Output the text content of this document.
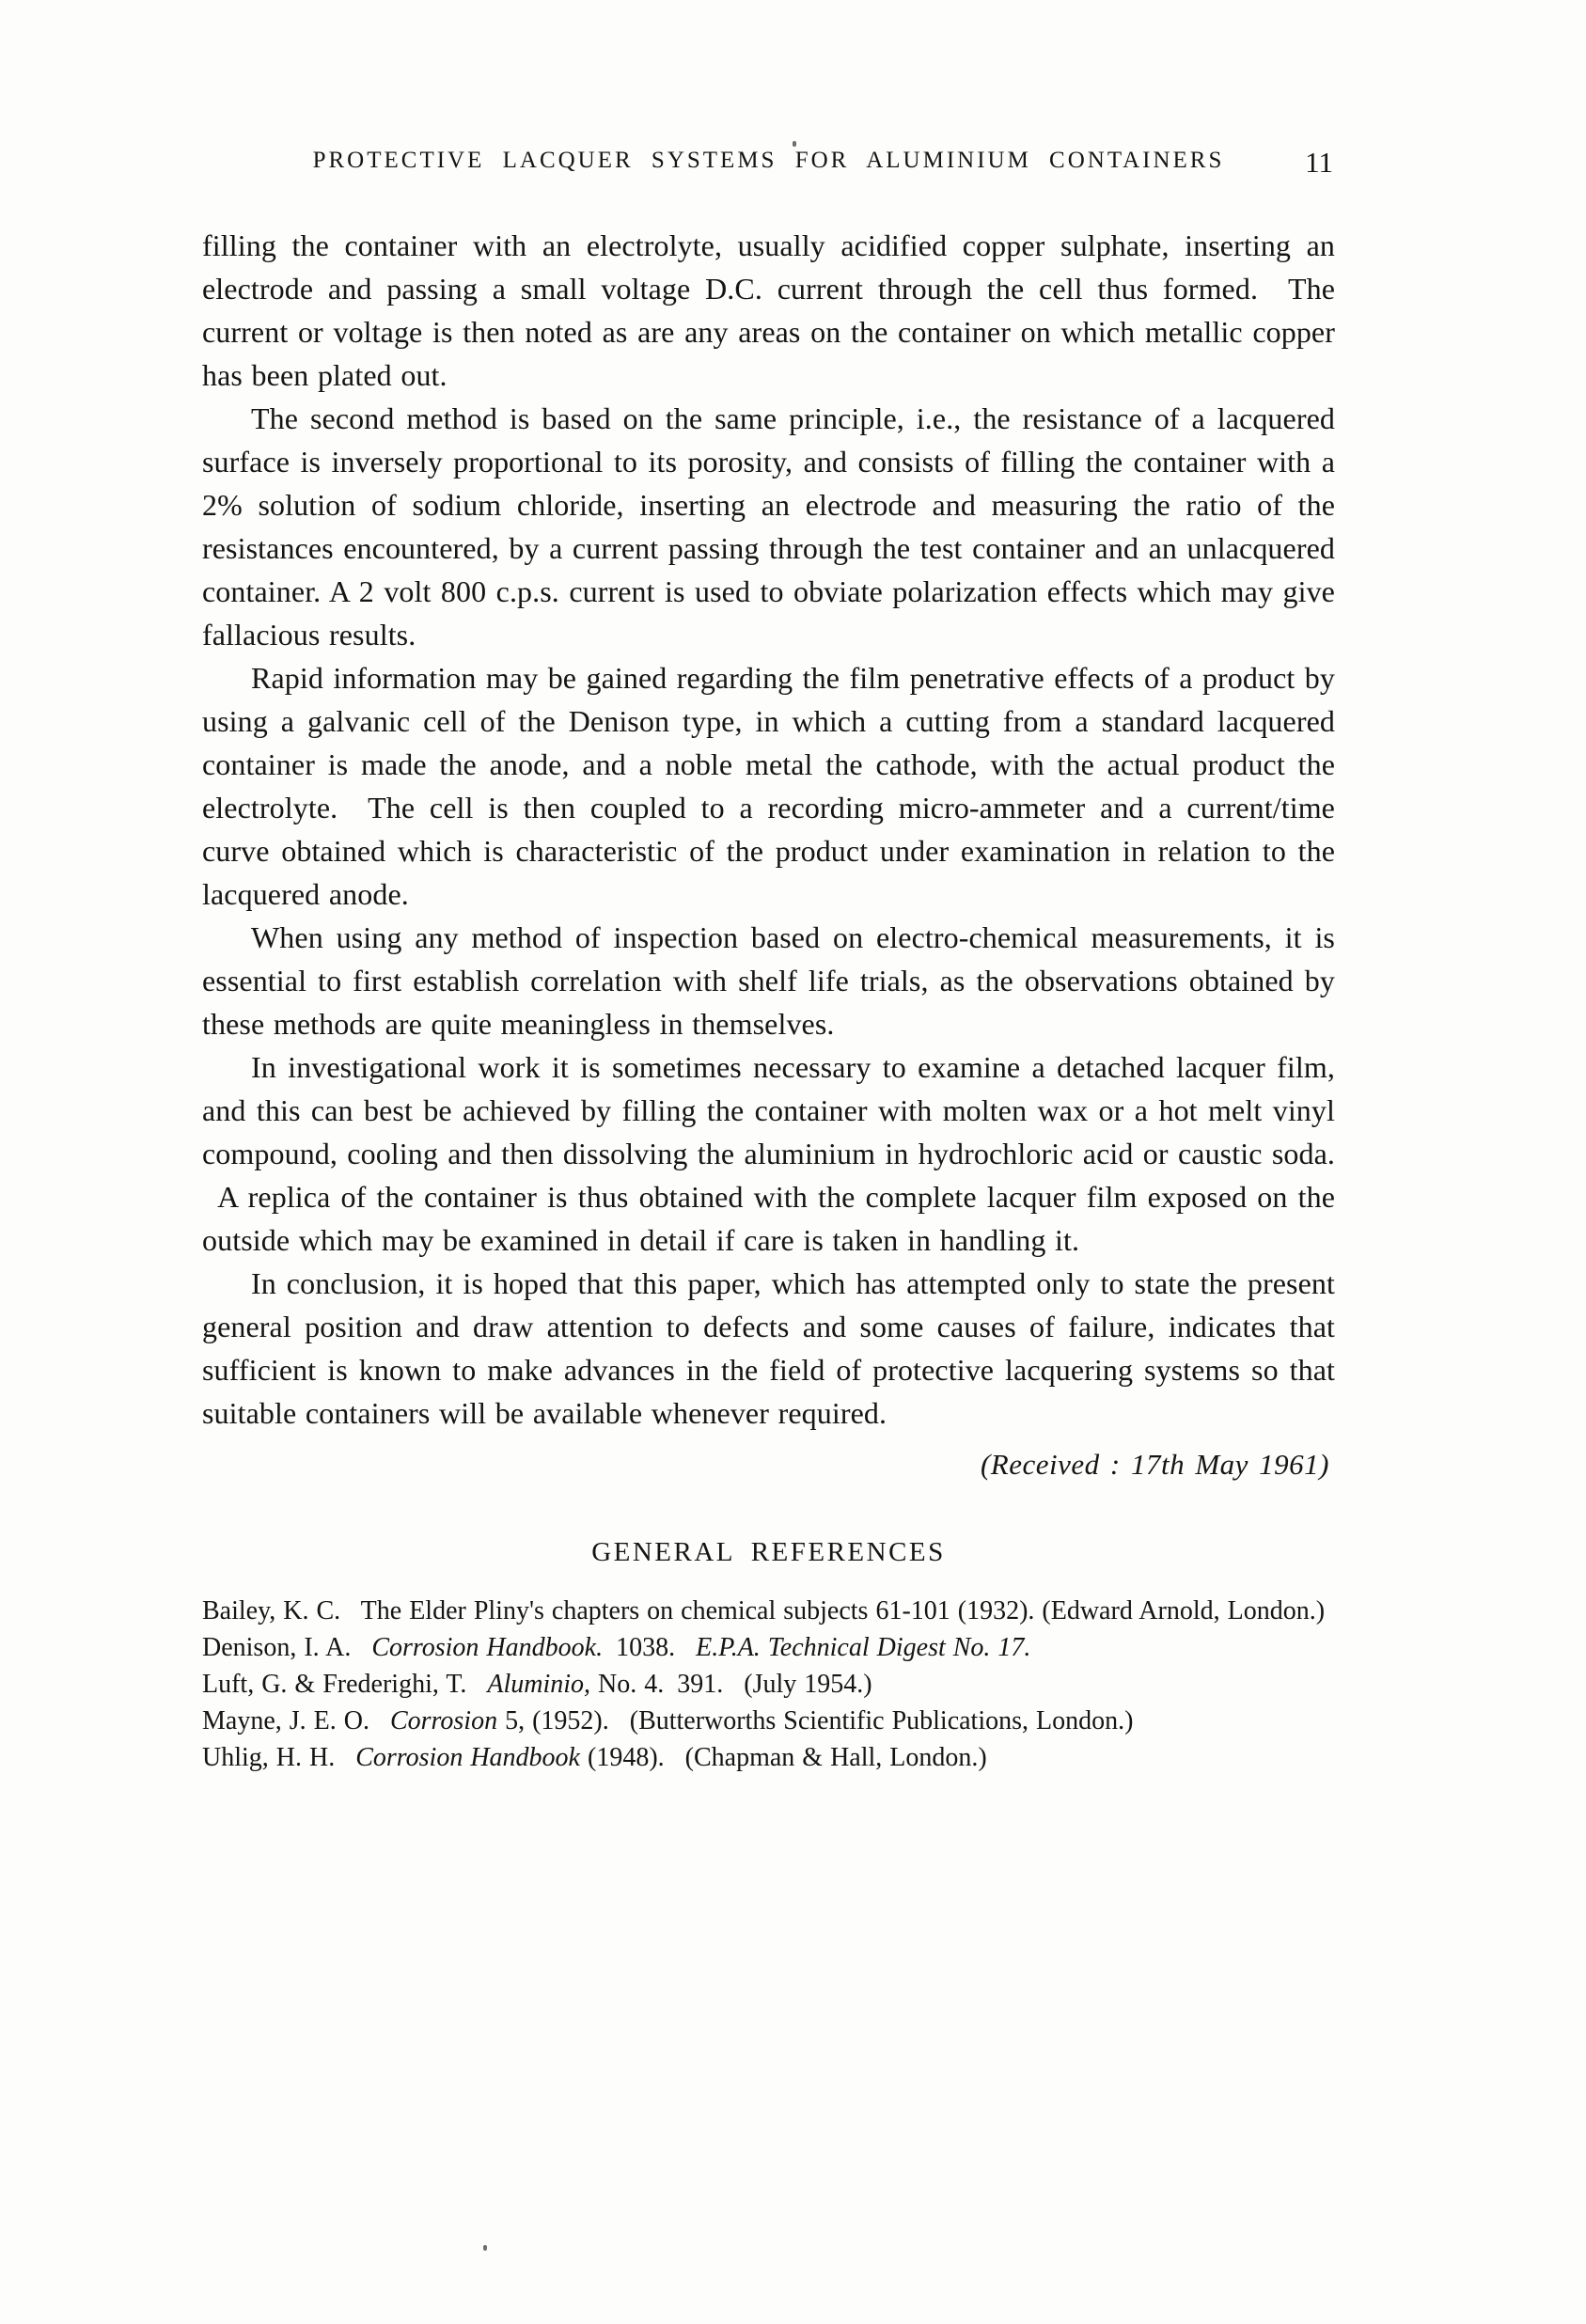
PROTECTIVE LACQUER SYSTEMS FOR ALUMINIUM CONTAINERS	11

filling the container with an electrolyte, usually acidified copper sulphate, inserting an electrode and passing a small voltage D.C. current through the cell thus formed.  The current or voltage is then noted as are any areas on the container on which metallic copper has been plated out.

The second method is based on the same principle, i.e., the resistance of a lacquered surface is inversely proportional to its porosity, and consists of filling the container with a 2% solution of sodium chloride, inserting an electrode and measuring the ratio of the resistances encountered, by a current passing through the test container and an unlacquered container. A 2 volt 800 c.p.s. current is used to obviate polarization effects which may give fallacious results.

Rapid information may be gained regarding the film penetrative effects of a product by using a galvanic cell of the Denison type, in which a cutting from a standard lacquered container is made the anode, and a noble metal the cathode, with the actual product the electrolyte.  The cell is then coupled to a recording micro-ammeter and a current/time curve obtained which is characteristic of the product under examination in relation to the lacquered anode.

When using any method of inspection based on electro-chemical measurements, it is essential to first establish correlation with shelf life trials, as the observations obtained by these methods are quite meaningless in themselves.

In investigational work it is sometimes necessary to examine a detached lacquer film, and this can best be achieved by filling the container with molten wax or a hot melt vinyl compound, cooling and then dissolving the aluminium in hydrochloric acid or caustic soda.  A replica of the container is thus obtained with the complete lacquer film exposed on the outside which may be examined in detail if care is taken in handling it.

In conclusion, it is hoped that this paper, which has attempted only to state the present general position and draw attention to defects and some causes of failure, indicates that sufficient is known to make advances in the field of protective lacquering systems so that suitable containers will be available whenever required.

(Received : 17th May 1961)
GENERAL REFERENCES
Bailey, K. C.  The Elder Pliny's chapters on chemical subjects 61-101 (1932). (Edward Arnold, London.)
Denison, I. A.  Corrosion Handbook. 1038.  E.P.A. Technical Digest No. 17.
Luft, G. & Frederighi, T.  Aluminio, No. 4. 391.  (July 1954.)
Mayne, J. E. O.  Corrosion 5, (1952).  (Butterworths Scientific Publications, London.)
Uhlig, H. H.  Corrosion Handbook (1948).  (Chapman & Hall, London.)
